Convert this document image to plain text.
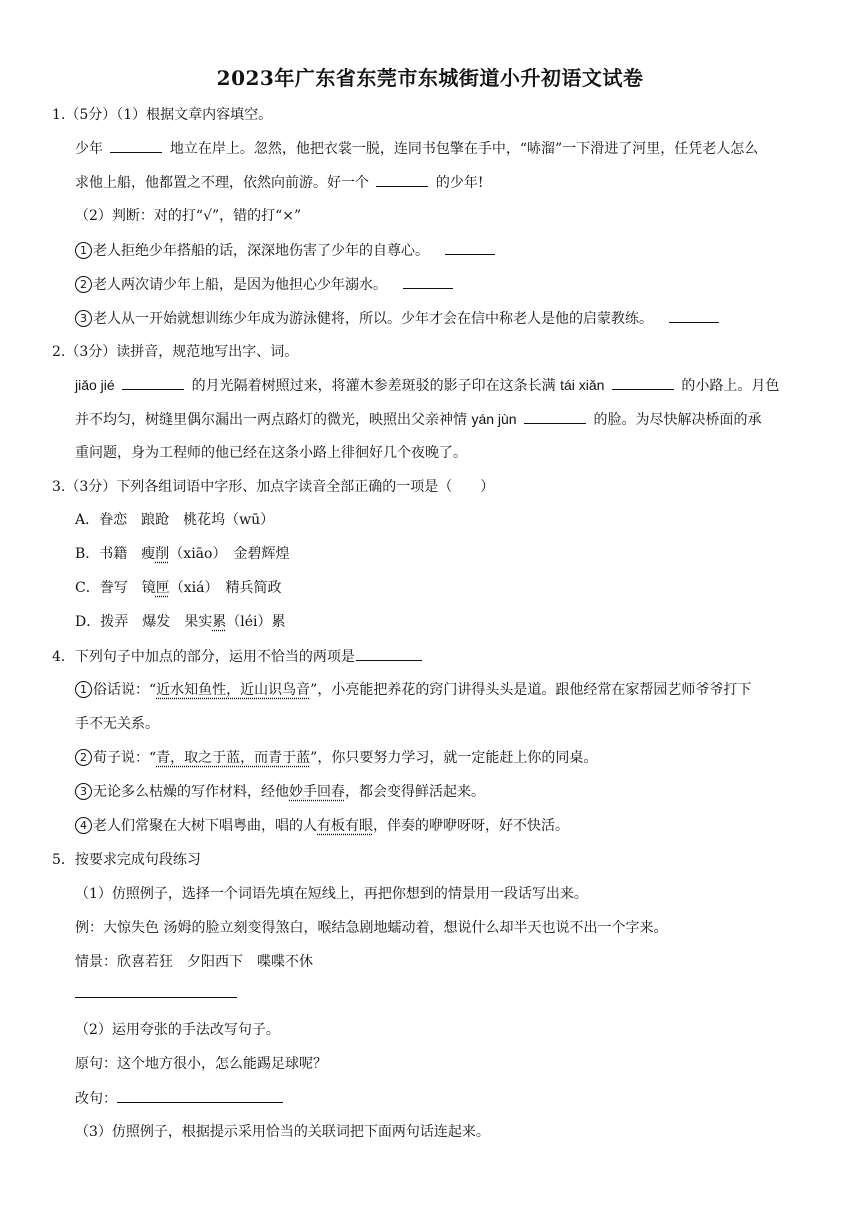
2023年广东省东莞市东城街道小升初语文试卷
1.（5分）（1）根据文章内容填空。
少年	地立在岸上。忽然，他把衣裳一脱，连同书包擎在手中，“哧溜”一下滑进了河里，任凭老人怎么
求他上船，他都置之不理，依然向前游。好一个	的少年!
（2）判断：对的打“√”，错的打“×”
1 老人拒绝少年搭船的话，深深地伤害了少年的自尊心。
2 老人两次请少年上船，是因为他担心少年溺水。
3 老人从一开始就想训练少年成为游泳健将，所以。少年才会在信中称老人是他的启蒙教练。
2.（3分）读拼音，规范地写出字、词。
jiǎo jié	的月光隔着树照过来，将灌木参差斑驳的影子印在这条长满 tái xiǎn	的小路上。月色
并不均匀，树缝里偶尔漏出一两点路灯的微光，映照出父亲神情 yán jùn	的脸。为尽快解决桥面的承
重问题，身为工程师的他已经在这条小路上徘徊好几个夜晚了。
3.（3分）下列各组词语中字形、加点字读音全部正确的一项是（　　）
A．眷恋　踉跄　桃花坞（wū）
B．书籍　瘦削（xiāo）　金碧辉煌
C．誊写　镜匣（xiá）　精兵简政
D．拨弄　爆发　果实累（léi）累
4．下列句子中加点的部分，运用不恰当的两项是
1 俗话说：“近水知鱼性，近山识鸟音”，小亮能把养花的窍门讲得头头是道。跟他经常在家帮园艺师爷爷打下
手不无关系。
2 荀子说：“青，取之于蓝，而青于蓝”，你只要努力学习，就一定能赶上你的同桌。
3 无论多么枯燥的写作材料，经他妙手回春，都会变得鲜活起来。
4 老人们常聚在大树下唱粤曲，唱的人有板有眼，伴奏的咿咿呀呀，好不快活。
5．按要求完成句段练习
（1）仿照例子，选择一个词语先填在短线上，再把你想到的情景用一段话写出来。
例：大惊失色 汤姆的脸立刻变得煞白，喉结急剧地蠕动着，想说什么却半天也说不出一个字来。
情景：欣喜若狂　夕阳西下　喋喋不休
（2）运用夸张的手法改写句子。
原句：这个地方很小，怎么能踢足球呢？
改句：
（3）仿照例子，根据提示采用恰当的关联词把下面两句话连起来。
